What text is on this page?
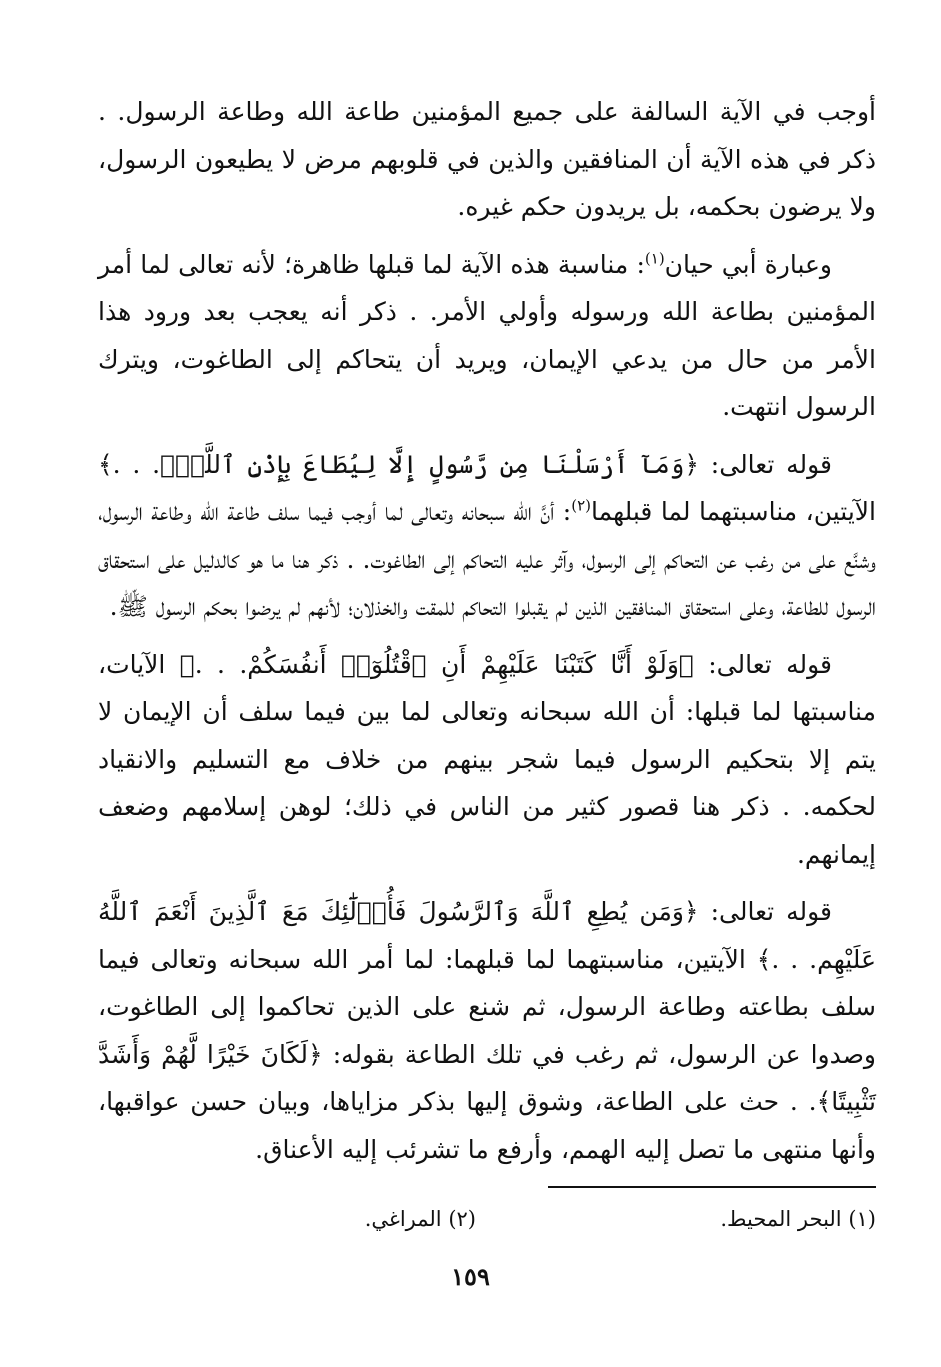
أوجب في الآية السالفة على جميع المؤمنين طاعة الله وطاعة الرسول. . ذكر في هذه الآية أن المنافقين والذين في قلوبهم مرض لا يطيعون الرسول، ولا يرضون بحكمه، بل يريدون حكم غيره.

وعبارة أبي حيان$^{(١)}$: مناسبة هذه الآية لما قبلها ظاهرة؛ لأنه تعالى لما أمر المؤمنين بطاعة الله ورسوله وأولي الأمر. . ذكر أنه يعجب بعد ورود هذا الأمر من حال من يدعي الإيمان، ويريد أن يتحاكم إلى الطاغوت، ويترك الرسول انتهت.

قوله تعالى: ﴿وَمَآ أَرْسَلْنَا مِن رَّسُولٍ إِلَّا لِيُطَاعَ بِإِذْنِ ٱللَّهِۚ. . .﴾ الآيتين، مناسبتهما لما قبلهما$^{(٢)}$: أنَّ الله سبحانه وتعالى لما أوجب فيما سلف طاعة الله وطاعة الرسول، وشنَّع على من رغب عن التحاكم إلى الرسول، وآثر عليه التحاكم إلى الطاغوت. . ذكر هنا ما هو كالدليل على استحقاق الرسول للطاعة، وعلى استحقاق المنافقين الذين لم يقبلوا التحاكم للمقت والخذلان؛ لأنهم لم يرضوا بحكم الرسول ﷺ.

قوله تعالى: ﴿وَلَوْ أَنَّا كَتَبْنَا عَلَيْهِمْ أَنِ ٱقْتُلُوٓا۟ أَنفُسَكُمْ. . .﴾ الآيات، مناسبتها لما قبلها: أن الله سبحانه وتعالى لما بين فيما سلف أن الإيمان لا يتم إلا بتحكيم الرسول فيما شجر بينهم من خلاف مع التسليم والانقياد لحكمه. . ذكر هنا قصور كثير من الناس في ذلك؛ لوهن إسلامهم وضعف إيمانهم.

قوله تعالى: ﴿وَمَن يُطِعِ ٱللَّهَ وَٱلرَّسُولَ فَأُو۟لَٰٓئِكَ مَعَ ٱلَّذِينَ أَنْعَمَ ٱللَّهُ عَلَيْهِم. . .﴾ الآيتين، مناسبتهما لما قبلهما: لما أمر الله سبحانه وتعالى فيما سلف بطاعته وطاعة الرسول، ثم شنع على الذين تحاكموا إلى الطاغوت، وصدوا عن الرسول، ثم رغب في تلك الطاعة بقوله: ﴿لَكَانَ خَيْرًا لَّهُمْ وَأَشَدَّ تَثْبِيتًا﴾. . حث على الطاعة، وشوق إليها بذكر مزاياها، وبيان حسن عواقبها، وأنها منتهى ما تصل إليه الهمم، وأرفع ما تشرئب إليه الأعناق.

(١) البحر المحيط.
(٢) المراغي.
١٥٩
